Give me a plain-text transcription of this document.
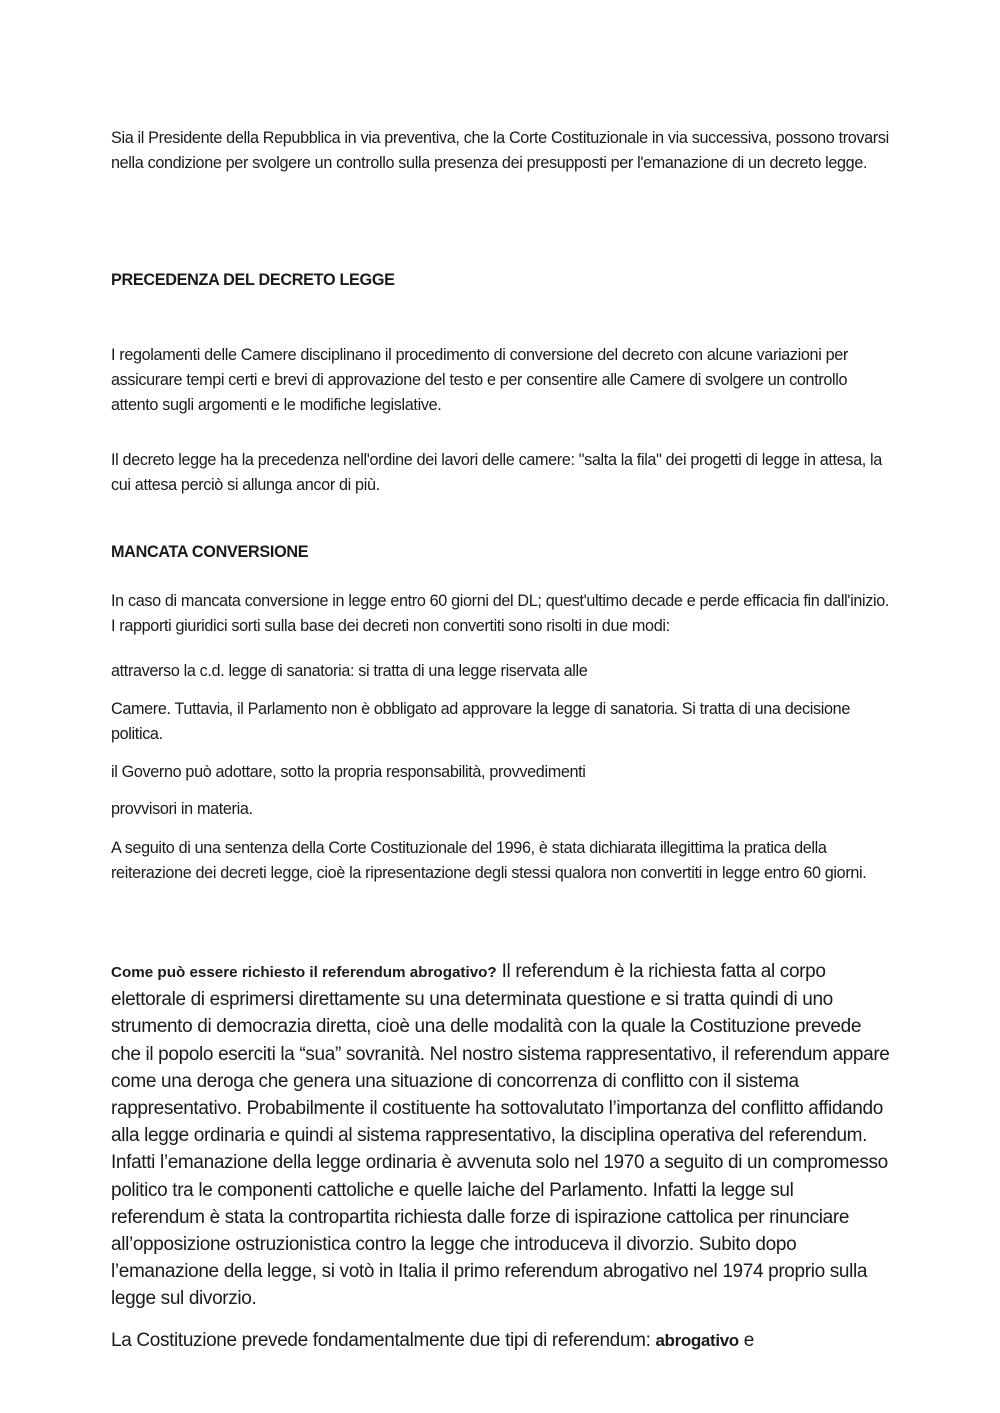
Sia il Presidente della Repubblica in via preventiva, che la Corte Costituzionale in via successiva, possono trovarsi nella condizione per svolgere un controllo sulla presenza dei presupposti per l'emanazione di un decreto legge.

PRECEDENZA DEL DECRETO LEGGE

I regolamenti delle Camere disciplinano il procedimento di conversione del decreto con alcune variazioni per assicurare tempi certi e brevi di approvazione del testo e per consentire alle Camere di svolgere un controllo attento sugli argomenti e le modifiche legislative.

Il decreto legge ha la precedenza nell'ordine dei lavori delle camere: "salta la fila" dei progetti di legge in attesa, la cui attesa perciò si allunga ancor di più.

MANCATA CONVERSIONE

In caso di mancata conversione in legge entro 60 giorni del DL; quest'ultimo decade e perde efficacia fin dall'inizio. I rapporti giuridici sorti sulla base dei decreti non convertiti sono risolti in due modi:

attraverso la c.d. legge di sanatoria: si tratta di una legge riservata alle

Camere. Tuttavia, il Parlamento non è obbligato ad approvare la legge di sanatoria. Si tratta di una decisione politica.

il Governo può adottare, sotto la propria responsabilità, provvedimenti

provvisori in materia.

A seguito di una sentenza della Corte Costituzionale del 1996, è stata dichiarata illegittima la pratica della reiterazione dei decreti legge, cioè la ripresentazione degli stessi qualora non convertiti in legge entro 60 giorni.

Come può essere richiesto il referendum abrogativo? Il referendum è la richiesta fatta al corpo elettorale di esprimersi direttamente su una determinata questione e si tratta quindi di uno strumento di democrazia diretta, cioè una delle modalità con la quale la Costituzione prevede che il popolo eserciti la “sua” sovranità. Nel nostro sistema rappresentativo, il referendum appare come una deroga che genera una situazione di concorrenza di conflitto con il sistema rappresentativo. Probabilmente il costituente ha sottovalutato l’importanza del conflitto affidando alla legge ordinaria e quindi al sistema rappresentativo, la disciplina operativa del referendum. Infatti l’emanazione della legge ordinaria è avvenuta solo nel 1970 a seguito di un compromesso politico tra le componenti cattoliche e quelle laiche del Parlamento. Infatti la legge sul referendum è stata la contropartita richiesta dalle forze di ispirazione cattolica per rinunciare all’opposizione ostruzionistica contro la legge che introduceva il divorzio. Subito dopo l’emanazione della legge, si votò in Italia il primo referendum abrogativo nel 1974 proprio sulla legge sul divorzio.

La Costituzione prevede fondamentalmente due tipi di referendum: abrogativo e
